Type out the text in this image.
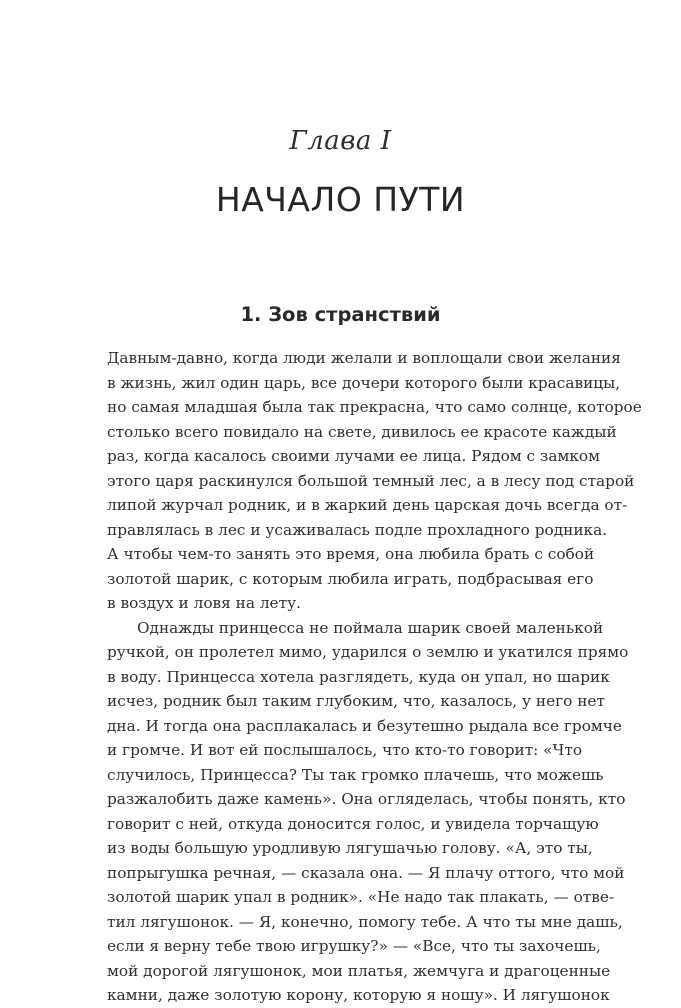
Глава I
НАЧАЛО ПУТИ
1. Зов странствий
Давным-давно, когда люди желали и воплощали свои желания
в жизнь, жил один царь, все дочери которого были красавицы,
но самая младшая была так прекрасна, что само солнце, которое
столько всего повидало на свете, дивилось ее красоте каждый
раз, когда касалось своими лучами ее лица. Рядом с замком
этого царя раскинулся большой темный лес, а в лесу под старой
липой журчал родник, и в жаркий день царская дочь всегда от-
правлялась в лес и усаживалась подле прохладного родника.
А чтобы чем-то занять это время, она любила брать с собой
золотой шарик, с которым любила играть, подбрасывая его
в воздух и ловя на лету.
Однажды принцесса не поймала шарик своей маленькой
ручкой, он пролетел мимо, ударился о землю и укатился прямо
в воду. Принцесса хотела разглядеть, куда он упал, но шарик
исчез, родник был таким глубоким, что, казалось, у него нет
дна. И тогда она расплакалась и безутешно рыдала все громче
и громче. И вот ей послышалось, что кто-то говорит: «Что
случилось, Принцесса? Ты так громко плачешь, что можешь
разжалобить даже камень». Она огляделась, чтобы понять, кто
говорит с ней, откуда доносится голос, и увидела торчащую
из воды большую уродливую лягушачью голову. «А, это ты,
попрыгушка речная, — сказала она. — Я плачу оттого, что мой
золотой шарик упал в родник». «Не надо так плакать, — отве-
тил лягушонок. — Я, конечно, помогу тебе. А что ты мне дашь,
если я верну тебе твою игрушку?» — «Все, что ты захочешь,
мой дорогой лягушонок, мои платья, жемчуга и драгоценные
камни, даже золотую корону, которую я ношу». И лягушонок
